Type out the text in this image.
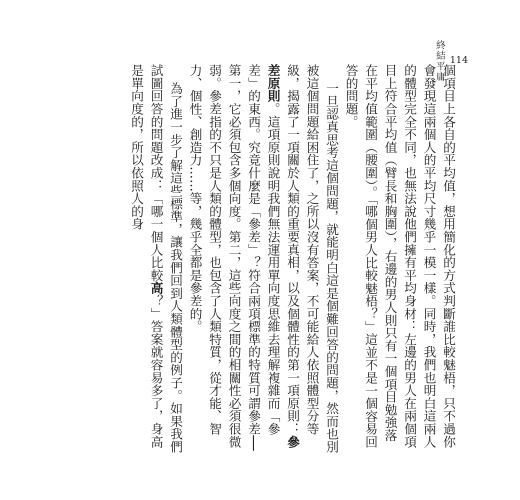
終結平庸 114

個項目上各自的平均值，想用簡化的方式判斷誰比較魅梧，只不過你會發現這兩個人的平均尺寸幾乎一模一樣。同時，我們也明白這兩人的體型完全不同，也無法說他們擁有平均身材：左邊的男人在兩個項目上符合平均值（臂長和胸圍），右邊的男人則只有一個項目勉強落在平均值範圍（腰圍）。「哪個男人比較魅梧？」這並不是一個容易回答的問題。

一旦認真思考這個問題，就能明白這是個難回答的問題，然而也別被這個問題給困住了，之所以沒有答案，不可能給人依照體型分等級，揭露了一項關於人類的重要真相，以及個體性的第一項原則：參差原則。這項原則說明我們無法運用單向度思維去理解複雜而「參差」的東西。究竟什麼是「參差」？符合兩項標準的特質可謂參差──第一，它必須包含多個向度。第二，這些向度之間的相關性必須很微弱。參差指的不只是人類的體型，也包含了人類特質，從才能、智力、個性、創造力……等，幾乎全都是參差的。

為了進一步了解這些標準，讓我們回到人類體型的例子。如果我們試圖回答的問題改成：「哪一個人比較高？」答案就容易多了，身高是單向度的，所以依照人的身
